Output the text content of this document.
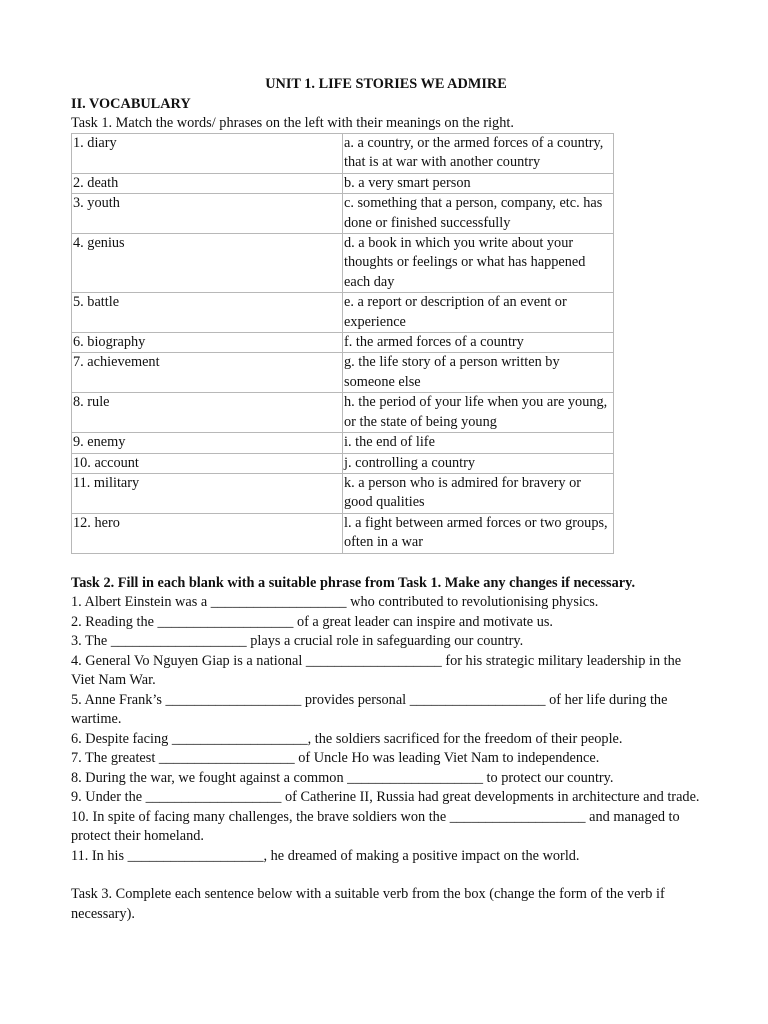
UNIT 1. LIFE STORIES WE ADMIRE

II. VOCABULARY

Task 1. Match the words/ phrases on the left with their meanings on the right.

1. diary	a. a country, or the armed forces of a country, that is at war with another country
2. death	b. a very smart person
3. youth	c. something that a person, company, etc. has done or finished successfully
4. genius	d. a book in which you write about your thoughts or feelings or what has happened each day
5. battle	e. a report or description of an event or experience
6. biography	f. the armed forces of a country
7. achievement	g. the life story of a person written by someone else
8. rule	h. the period of your life when you are young, or the state of being young
9. enemy	i. the end of life
10. account	j. controlling a country
11. military	k. a person who is admired for bravery or good qualities
12. hero	l. a fight between armed forces or two groups, often in a war

Task 2. Fill in each blank with a suitable phrase from Task 1. Make any changes if necessary.

1. Albert Einstein was a ___________________ who contributed to revolutionising physics.

2. Reading the ___________________ of a great leader can inspire and motivate us.

3. The ___________________ plays a crucial role in safeguarding our country.

4. General Vo Nguyen Giap is a national ___________________ for his strategic military leadership in the Viet Nam War.

5. Anne Frank’s ___________________ provides personal ___________________ of her life during the wartime.

6. Despite facing ___________________, the soldiers sacrificed for the freedom of their people.

7. The greatest ___________________ of Uncle Ho was leading Viet Nam to independence.

8. During the war, we fought against a common ___________________ to protect our country.

9. Under the ___________________ of Catherine II, Russia had great developments in architecture and trade.

10. In spite of facing many challenges, the brave soldiers won the ___________________ and managed to protect their homeland.

11. In his ___________________, he dreamed of making a positive impact on the world.

Task 3. Complete each sentence below with a suitable verb from the box (change the form of the verb if necessary).
